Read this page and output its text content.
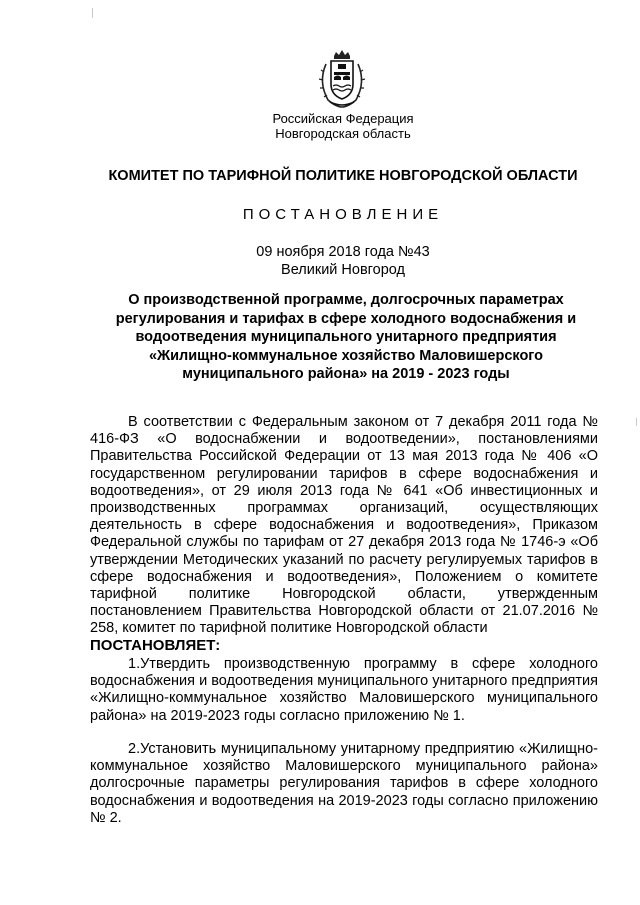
Российская Федерация
Новгородская область
КОМИТЕТ ПО ТАРИФНОЙ ПОЛИТИКЕ НОВГОРОДСКОЙ ОБЛАСТИ
ПОСТАНОВЛЕНИЕ
09 ноября 2018 года №43
Великий Новгород
О производственной программе, долгосрочных параметрах регулирования и тарифах в сфере холодного водоснабжения и водоотведения муниципального унитарного предприятия «Жилищно-коммунальное хозяйство Маловишерского муниципального района» на 2019 - 2023 годы
В соответствии с Федеральным законом от 7 декабря 2011 года № 416-ФЗ «О водоснабжении и водоотведении», постановлениями Правительства Российской Федерации от 13 мая 2013 года № 406 «О государственном регулировании тарифов в сфере водоснабжения и водоотведения», от 29 июля 2013 года № 641 «Об инвестиционных и производственных программах организаций, осуществляющих деятельность в сфере водоснабжения и водоотведения», Приказом Федеральной службы по тарифам от 27 декабря 2013 года № 1746-э «Об утверждении Методических указаний по расчету регулируемых тарифов в сфере водоснабжения и водоотведения», Положением о комитете тарифной политике Новгородской области, утвержденным постановлением Правительства Новгородской области от 21.07.2016 № 258, комитет по тарифной политике Новгородской области
ПОСТАНОВЛЯЕТ:
1.Утвердить производственную программу в сфере холодного водоснабжения и водоотведения муниципального унитарного предприятия «Жилищно-коммунальное хозяйство Маловишерского муниципального района» на 2019-2023 годы согласно приложению № 1.
2.Установить муниципальному унитарному предприятию «Жилищно-коммунальное хозяйство Маловишерского муниципального района» долгосрочные параметры регулирования тарифов в сфере холодного водоснабжения и водоотведения на 2019-2023 годы согласно приложению № 2.
